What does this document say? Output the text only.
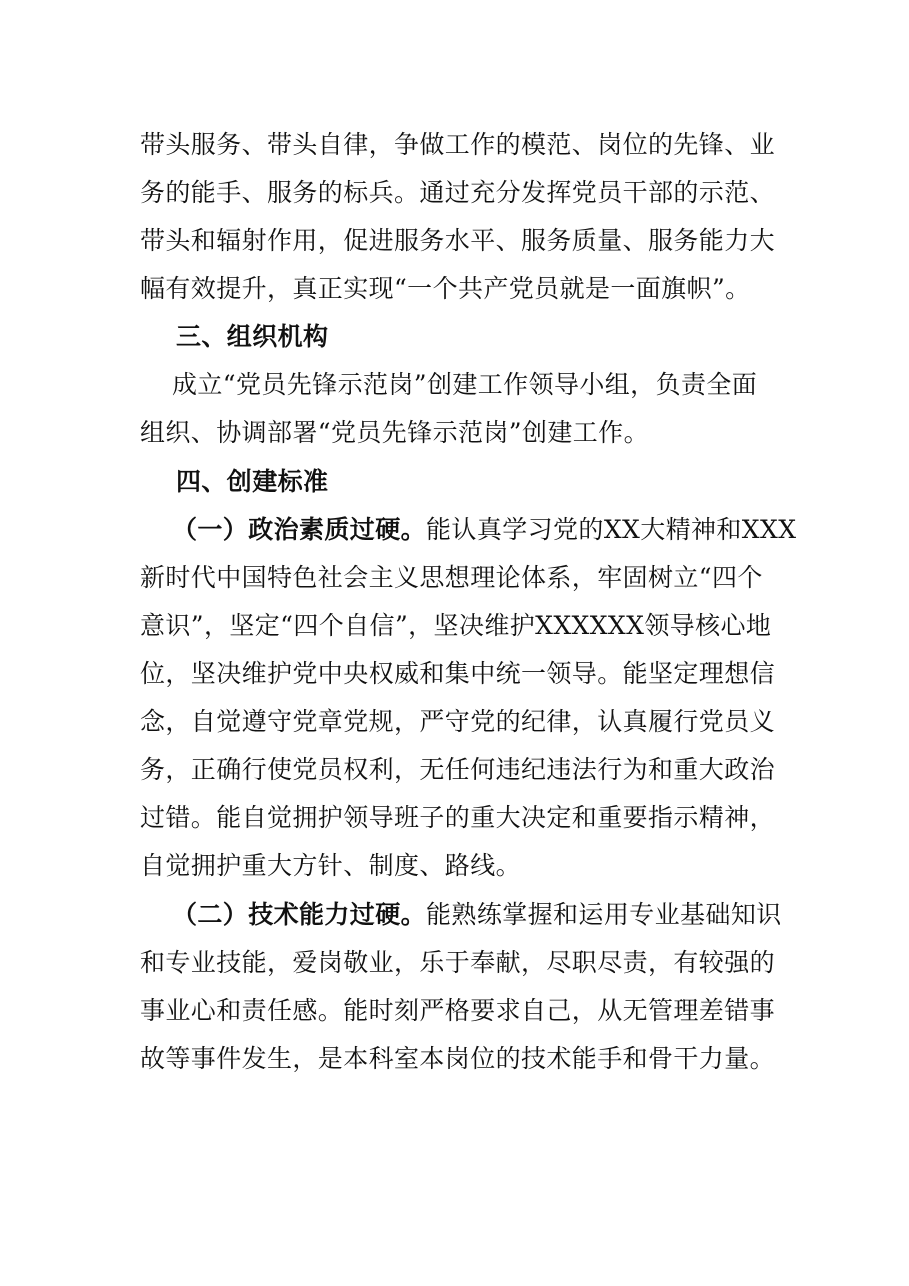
带头服务、带头自律，争做工作的模范、岗位的先锋、业
务的能手、服务的标兵。通过充分发挥党员干部的示范、
带头和辐射作用，促进服务水平、服务质量、服务能力大
幅有效提升，真正实现“一个共产党员就是一面旗帜”。
三、组织机构
成立“党员先锋示范岗”创建工作领导小组，负责全面
组织、协调部署“党员先锋示范岗”创建工作。
四、创建标准
（一）政治素质过硬。能认真学习党的XX大精神和XXX
新时代中国特色社会主义思想理论体系，牢固树立“四个
意识”，坚定“四个自信”，坚决维护XXXXXX领导核心地
位，坚决维护党中央权威和集中统一领导。能坚定理想信
念，自觉遵守党章党规，严守党的纪律，认真履行党员义
务，正确行使党员权利，无任何违纪违法行为和重大政治
过错。能自觉拥护领导班子的重大决定和重要指示精神，
自觉拥护重大方针、制度、路线。
（二）技术能力过硬。能熟练掌握和运用专业基础知识
和专业技能，爱岗敬业，乐于奉献，尽职尽责，有较强的
事业心和责任感。能时刻严格要求自己，从无管理差错事
故等事件发生，是本科室本岗位的技术能手和骨干力量。
